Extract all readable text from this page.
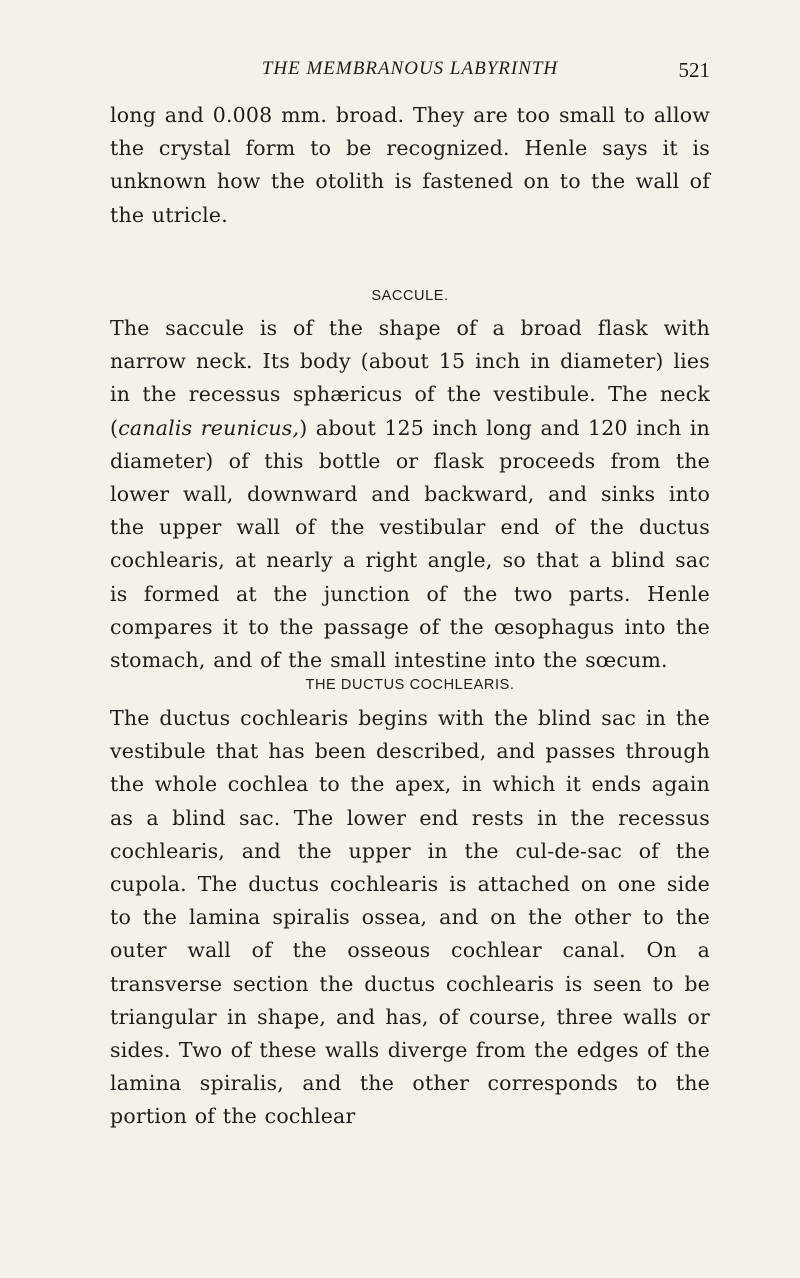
THE MEMBRANOUS LABYRINTH	521

long and 0.008 mm. broad. They are too small to allow the crystal form to be recognized. Henle says it is unknown how the otolith is fastened on to the wall of the utricle.

SACCULE.

The saccule is of the shape of a broad flask with narrow neck. Its body (about 15 inch in diameter) lies in the recessus sphæricus of the vestibule. The neck (canalis reunicus,) about 125 inch long and 120 inch in diameter) of this bottle or flask proceeds from the lower wall, downward and backward, and sinks into the upper wall of the vestibular end of the ductus cochlearis, at nearly a right angle, so that a blind sac is formed at the junction of the two parts. Henle compares it to the passage of the œsophagus into the stomach, and of the small intestine into the sœcum.

THE DUCTUS COCHLEARIS.

The ductus cochlearis begins with the blind sac in the vestibule that has been described, and passes through the whole cochlea to the apex, in which it ends again as a blind sac. The lower end rests in the recessus cochlearis, and the upper in the cul-de-sac of the cupola. The ductus cochlearis is attached on one side to the lamina spiralis ossea, and on the other to the outer wall of the osseous cochlear canal. On a transverse section the ductus cochlearis is seen to be triangular in shape, and has, of course, three walls or sides. Two of these walls diverge from the edges of the lamina spiralis, and the other corresponds to the portion of the cochlear
